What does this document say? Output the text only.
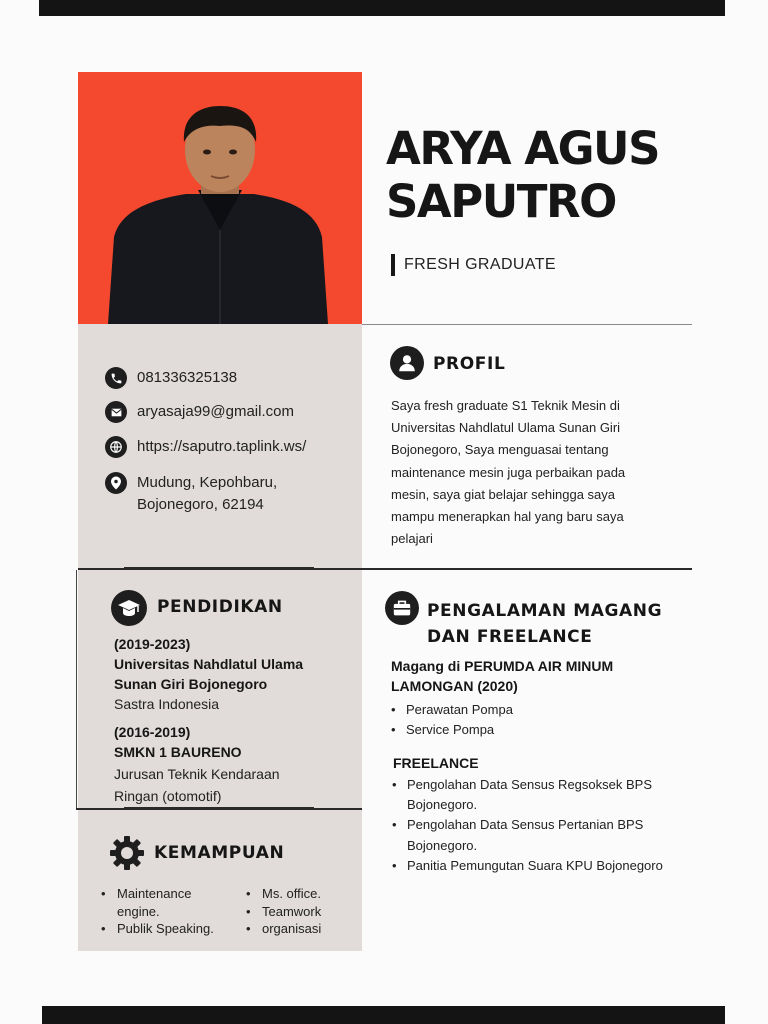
ARYA AGUS
SAPUTRO
FRESH GRADUATE
081336325138
aryasaja99@gmail.com
https://saputro.taplink.ws/
Mudung, Kepohbaru,
Bojonegoro, 62194
PROFIL
Saya fresh graduate S1 Teknik Mesin di
Universitas Nahdlatul Ulama Sunan Giri
Bojonegoro, Saya menguasai tentang
maintenance mesin juga perbaikan pada
mesin, saya giat belajar sehingga saya
mampu menerapkan hal yang baru saya
pelajari
PENDIDIKAN
(2019-2023)
Universitas Nahdlatul Ulama
Sunan Giri Bojonegoro
Sastra Indonesia
(2016-2019)
SMKN 1 BAURENO
Jurusan Teknik Kendaraan
Ringan (otomotif)
PENGALAMAN MAGANG
DAN FREELANCE
Magang di PERUMDA AIR MINUM
LAMONGAN (2020)
• Perawatan Pompa
• Service Pompa
FREELANCE
• Pengolahan Data Sensus Regsoksek BPS
Bojonegoro.
• Pengolahan Data Sensus Pertanian BPS
Bojonegoro.
• Panitia Pemungutan Suara KPU Bojonegoro
KEMAMPUAN
• Maintenance
engine.
• Publik Speaking.
• Ms. office.
• Teamwork
• organisasi
